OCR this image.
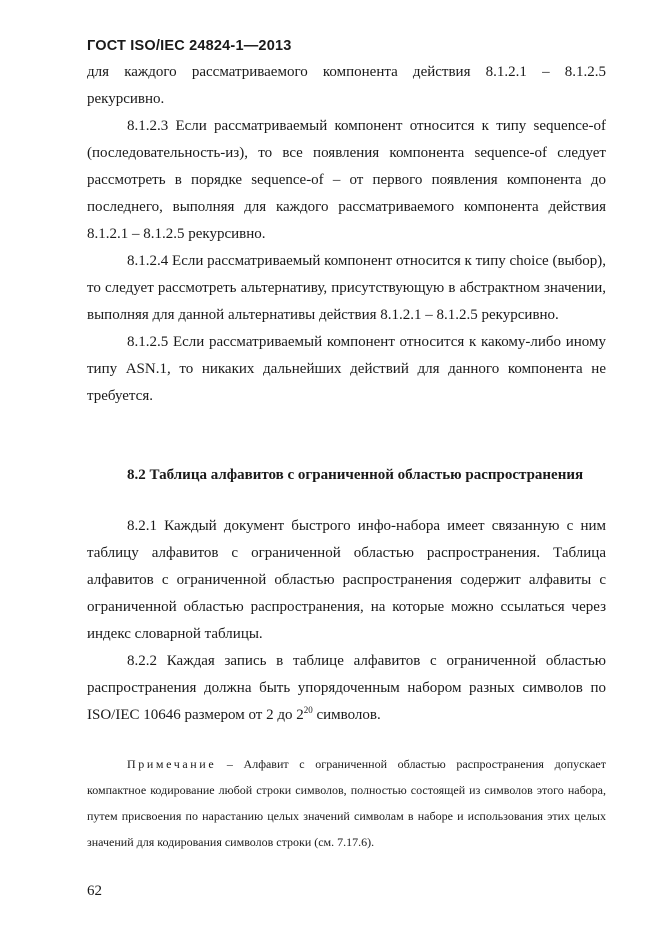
ГОСТ ISO/IEC 24824-1—2013

для каждого рассматриваемого компонента действия 8.1.2.1 – 8.1.2.5 рекурсивно.

8.1.2.3 Если рассматриваемый компонент относится к типу sequence-of (последовательность-из), то все появления компонента sequence-of следует рассмотреть в порядке sequence-of – от первого появления компонента до последнего, выполняя для каждого рассматриваемого компонента действия 8.1.2.1 – 8.1.2.5 рекурсивно.

8.1.2.4 Если рассматриваемый компонент относится к типу choice (выбор), то следует рассмотреть альтернативу, присутствующую в абстрактном значении, выполняя для данной альтернативы действия 8.1.2.1 – 8.1.2.5 рекурсивно.

8.1.2.5 Если рассматриваемый компонент относится к какому-либо иному типу ASN.1, то никаких дальнейших действий для данного компонента не требуется.

8.2 Таблица алфавитов с ограниченной областью распространения

8.2.1 Каждый документ быстрого инфо-набора имеет связанную с ним таблицу алфавитов с ограниченной областью распространения. Таблица алфавитов с ограниченной областью распространения содержит алфавиты с ограниченной областью распространения, на которые можно ссылаться через индекс словарной таблицы.

8.2.2 Каждая запись в таблице алфавитов с ограниченной областью распространения должна быть упорядоченным набором разных символов по ISO/IEC 10646 размером от 2 до $2^{20}$ символов.

Примечание – Алфавит с ограниченной областью распространения допускает компактное кодирование любой строки символов, полностью состоящей из символов этого набора, путем присвоения по нарастанию целых значений символам в наборе и использования этих целых значений для кодирования символов строки (см. 7.17.6).
62
